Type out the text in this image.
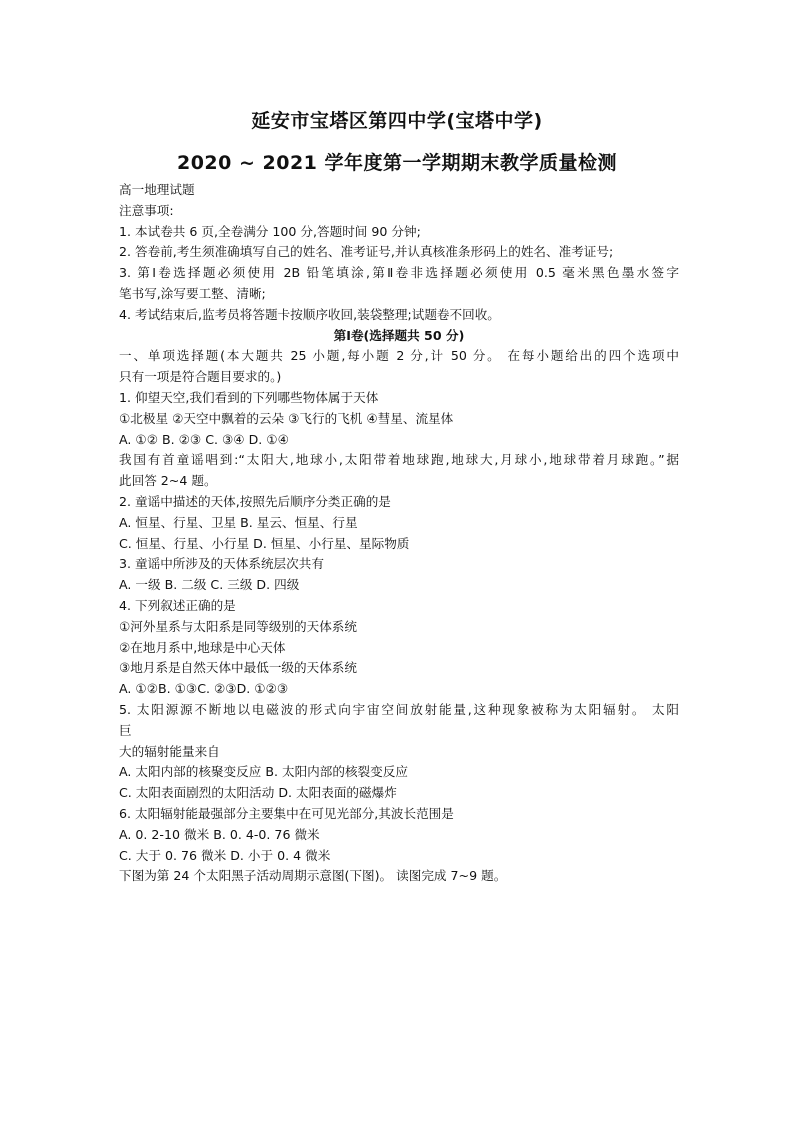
延安市宝塔区第四中学(宝塔中学)
2020 ~ 2021 学年度第一学期期末教学质量检测
高一地理试题
注意事项:
1. 本试卷共 6 页,全卷满分 100 分,答题时间 90 分钟;
2. 答卷前,考生须准确填写自己的姓名、准考证号,并认真核准条形码上的姓名、准考证号;
3. 第Ⅰ卷选择题必须使用 2B 铅笔填涂,第Ⅱ卷非选择题必须使用 0.5 毫米黑色墨水签字
笔书写,涂写要工整、清晰;
4. 考试结束后,监考员将答题卡按顺序收回,装袋整理;试题卷不回收。
第Ⅰ卷(选择题共 50 分)
一、单项选择题(本大题共 25 小题,每小题 2 分,计 50 分。 在每小题给出的四个选项中
只有一项是符合题目要求的。)
1. 仰望天空,我们看到的下列哪些物体属于天体
①北极星 ②天空中飘着的云朵 ③飞行的飞机 ④彗星、流星体
A. ①② B. ②③ C. ③④ D. ①④
我国有首童谣唱到:“太阳大,地球小,太阳带着地球跑,地球大,月球小,地球带着月球跑。”据
此回答 2~4 题。
2. 童谣中描述的天体,按照先后顺序分类正确的是
A. 恒星、行星、卫星 B. 星云、恒星、行星
C. 恒星、行星、小行星 D. 恒星、小行星、星际物质
3. 童谣中所涉及的天体系统层次共有
A. 一级 B. 二级 C. 三级 D. 四级
4. 下列叙述正确的是
①河外星系与太阳系是同等级别的天体系统
②在地月系中,地球是中心天体
③地月系是自然天体中最低一级的天体系统
A. ①②B. ①③C. ②③D. ①②③
5. 太阳源源不断地以电磁波的形式向宇宙空间放射能量,这种现象被称为太阳辐射。 太阳
巨
大的辐射能量来自
A. 太阳内部的核聚变反应 B. 太阳内部的核裂变反应
C. 太阳表面剧烈的太阳活动 D. 太阳表面的磁爆炸
6. 太阳辐射能最强部分主要集中在可见光部分,其波长范围是
A. 0. 2-10 微米 B. 0. 4-0. 76 微米
C. 大于 0. 76 微米 D. 小于 0. 4 微米
下图为第 24 个太阳黑子活动周期示意图(下图)。 读图完成 7~9 题。
